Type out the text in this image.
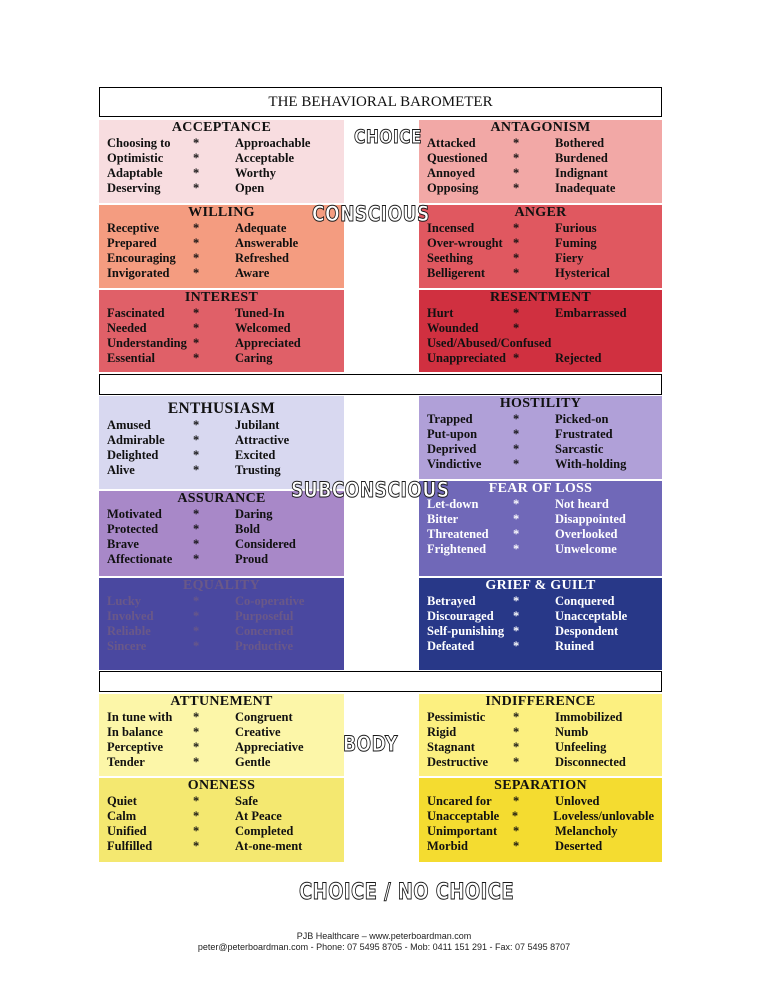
THE BEHAVIORAL BAROMETER
ACCEPTANCE
Choosing to	*	Approachable
Optimistic	*	Acceptable
Adaptable	*	Worthy
Deserving	*	Open
WILLING
Receptive	*	Adequate
Prepared	*	Answerable
Encouraging	*	Refreshed
Invigorated	*	Aware
INTEREST
Fascinated	*	Tuned-In
Needed	*	Welcomed
Understanding *	Appreciated
Essential	*	Caring
ANTAGONISM
Attacked	*	Bothered
Questioned	*	Burdened
Annoyed	*	Indignant
Opposing	*	Inadequate
ANGER
Incensed	*	Furious
Over-wrought *	Fuming
Seething	*	Fiery
Belligerent	*	Hysterical
RESENTMENT
Hurt	*	Embarrassed
Wounded	*
Used/Abused/Confused
Unappreciated *	Rejected
ENTHUSIASM
Amused	*	Jubilant
Admirable	*	Attractive
Delighted	*	Excited
Alive	*	Trusting
ASSURANCE
Motivated	*	Daring
Protected	*	Bold
Brave	*	Considered
Affectionate	*	Proud
EQUALITY
Lucky	*	Co-operative
Involved	*	Purposeful
Reliable	*	Concerned
Sincere	*	Productive
HOSTILITY
Trapped	*	Picked-on
Put-upon	*	Frustrated
Deprived	*	Sarcastic
Vindictive	*	With-holding
FEAR OF LOSS
Let-down	*	Not heard
Bitter	*	Disappointed
Threatened	*	Overlooked
Frightened	*	Unwelcome
GRIEF & GUILT
Betrayed	*	Conquered
Discouraged	*	Unacceptable
Self-punishing *	Despondent
Defeated	*	Ruined
ATTUNEMENT
In tune with	*	Congruent
In balance	*	Creative
Perceptive	*	Appreciative
Tender	*	Gentle
ONENESS
Quiet	*	Safe
Calm	*	At Peace
Unified	*	Completed
Fulfilled	*	At-one-ment
INDIFFERENCE
Pessimistic	*	Immobilized
Rigid	*	Numb
Stagnant	*	Unfeeling
Destructive	*	Disconnected
SEPARATION
Uncared for	*	Unloved
Unacceptable	*	Loveless/unlovable
Unimportant	*	Melancholy
Morbid	*	Deserted
CHOICE
CONSCIOUS
SUBCONSCIOUS
BODY
CHOICE / NO CHOICE
PJB Healthcare – www.peterboardman.com
peter@peterboardman.com - Phone: 07 5495 8705 - Mob: 0411 151 291 - Fax: 07 5495 8707
